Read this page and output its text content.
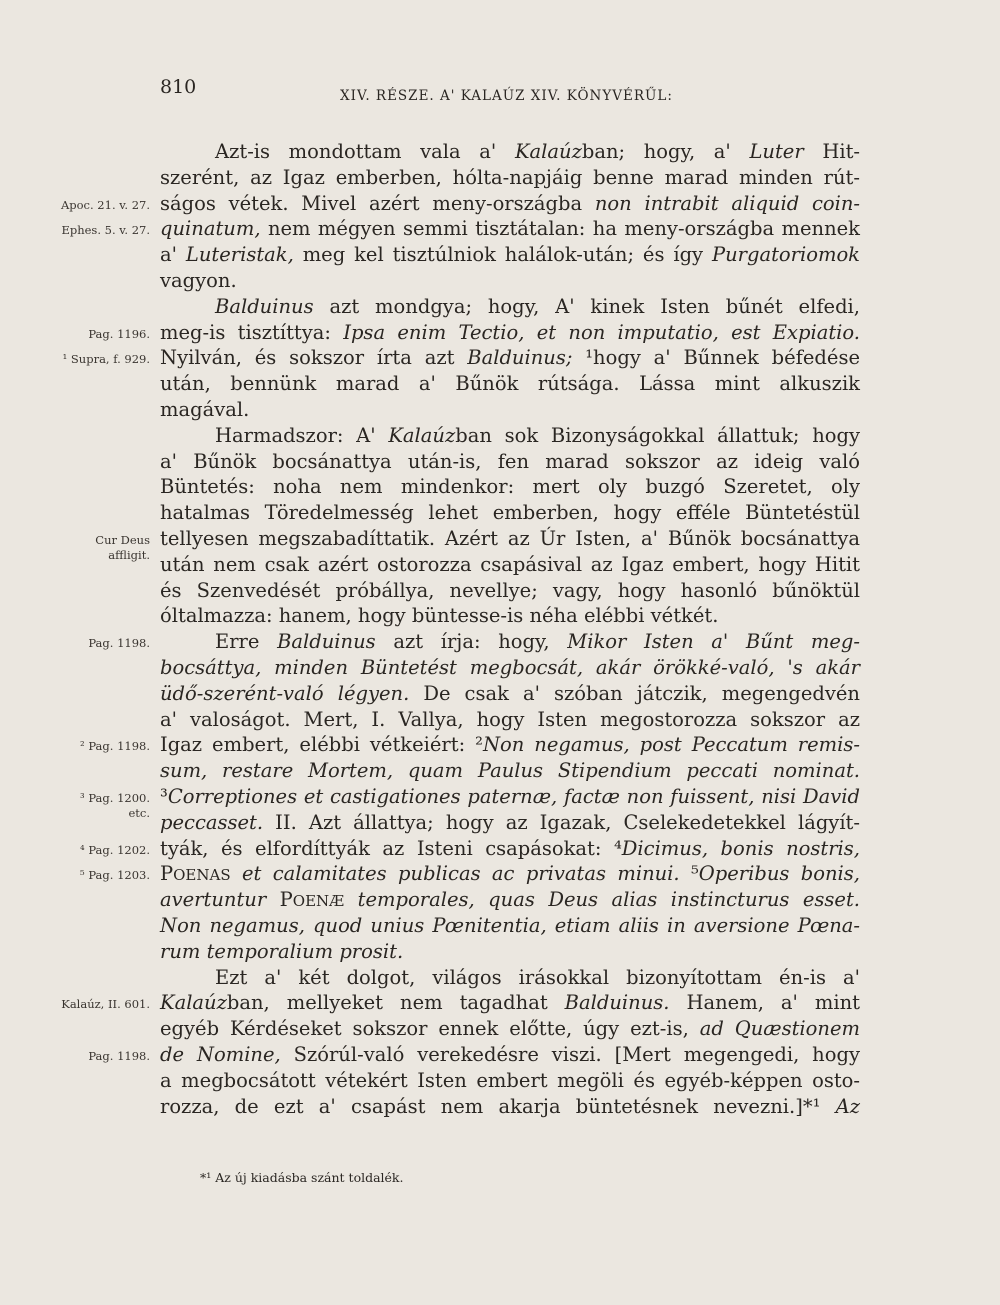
810	XIV. RÉSZE. A' KALAÚZ XIV. KÖNYVÉRŰL:
Azt-is mondottam vala a' Kalaúzban; hogy, a' Luter Hit-
szerént, az Igaz emberben, hólta-napjáig benne marad minden rút-
ságos vétek. Mivel azért meny-országba non intrabit aliquid coin-
quinatum, nem mégyen semmi tisztátalan: ha meny-országba mennek
a' Luteristak, meg kel tisztúlniok halálok-után; és így Purgatoriomok
vagyon.
Balduinus azt mondgya; hogy, A' kinek Isten bűnét elfedi,
meg-is tisztíttya: Ipsa enim Tectio, et non imputatio, est Expiatio.
Nyilván, és sokszor írta azt Balduinus; ¹hogy a' Bűnnek béfedése
után, bennünk marad a' Bűnök rútsága. Lássa mint alkuszik
magával.
Harmadszor: A' Kalaúzban sok Bizonyságokkal állattuk; hogy
a' Bűnök bocsánattya után-is, fen marad sokszor az ideig való
Büntetés: noha nem mindenkor: mert oly buzgó Szeretet, oly
hatalmas Töredelmesség lehet emberben, hogy efféle Büntetéstül
tellyesen megszabadíttatik. Azért az Úr Isten, a' Bűnök bocsánattya
után nem csak azért ostorozza csapásival az Igaz embert, hogy Hitit
és Szenvedését próbállya, nevellye; vagy, hogy hasonló bűnöktül
óltalmazza: hanem, hogy büntesse-is néha elébbi vétkét.
Erre Balduinus azt írja: hogy, Mikor Isten a' Bűnt meg-
bocsáttya, minden Büntetést megbocsát, akár örökké-való, 's akár
üdő-szerént-való légyen. De csak a' szóban játczik, megengedvén
a' valoságot. Mert, I. Vallya, hogy Isten megostorozza sokszor az
Igaz embert, elébbi vétkeiért: ²Non negamus, post Peccatum remis-
sum, restare Mortem, quam Paulus Stipendium peccati nominat.
³Correptiones et castigationes paternæ, factæ non fuissent, nisi David
peccasset. II. Azt állattya; hogy az Igazak, Cselekedetekkel lágyít-
tyák, és elfordíttyák az Isteni csapásokat: ⁴Dicimus, bonis nostris,
POENAS et calamitates publicas ac privatas minui. ⁵Operibus bonis,
avertuntur POENÆ temporales, quas Deus alias instincturus esset.
Non negamus, quod unius Pœnitentia, etiam aliis in aversione Pœna-
rum temporalium prosit.
Ezt a' két dolgot, világos irásokkal bizonyítottam én-is a'
Kalaúzban, mellyeket nem tagadhat Balduinus. Hanem, a' mint
egyéb Kérdéseket sokszor ennek előtte, úgy ezt-is, ad Quæstionem
de Nomine, Szórúl-való verekedésre viszi. [Mert megengedi, hogy
a megbocsátott vétekért Isten embert megöli és egyéb-képpen osto-
rozza, de ezt a' csapást nem akarja büntetésnek nevezni.]*¹ Az
Apoc. 21. v. 27.
Ephes. 5. v. 27.
Pag. 1196.
¹ Supra, f. 929.
Cur Deus
affligit.
Pag. 1198.
² Pag. 1198.
³ Pag. 1200.
etc.
⁴ Pag. 1202.
⁵ Pag. 1203.
Kalaúz, II. 601.
Pag. 1198.
*¹ Az új kiadásba szánt toldalék.
